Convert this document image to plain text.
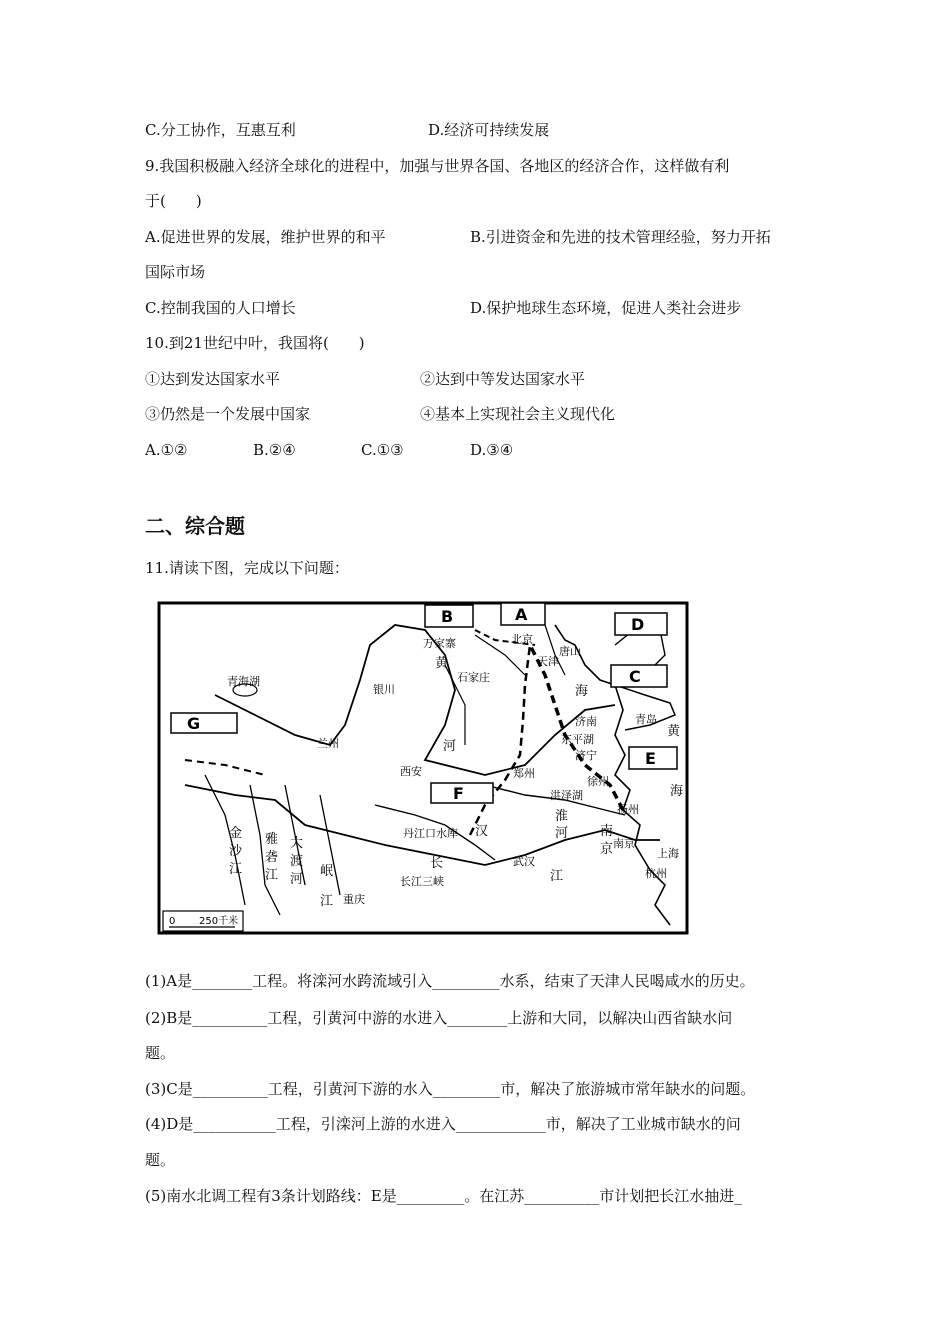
C.分工协作，互惠互利	D.经济可持续发展
9.我国积极融入经济全球化的进程中，加强与世界各国、各地区的经济合作，这样做有利
于(　　)
A.促进世界的发展，维护世界的和平	B.引进资金和先进的技术管理经验，努力开拓
国际市场
C.控制我国的人口增长	D.保护地球生态环境，促进人类社会进步
10.到21世纪中叶，我国将(　　)
①达到发达国家水平	②达到中等发达国家水平
③仍然是一个发展中国家	④基本上实现社会主义现代化
A.①②	B.②④	C.①③	D.③④
二、综合题
11.请读下图，完成以下问题：
B	A
D
C
E
F
G
万家寨	北京
天津
唐山
石家庄
银川
青海湖
兰州
西安	郑州
济南
东平湖
济宁
青岛
扬州
上海
杭州
南京
武汉
重庆
长江三峡
丹江口水库
徐州
洪泽湖
黄
河
海
黄
海
金
沙
江
雅
砻
江
大
渡
河
岷
江
汉
长
江
淮
河 南
京
0 250千米
(1)A是________工程。将滦河水跨流域引入_________水系，结束了天津人民喝咸水的历史。
(2)B是__________工程，引黄河中游的水进入________上游和大同，以解决山西省缺水问
题。
(3)C是__________工程，引黄河下游的水入_________市，解决了旅游城市常年缺水的问题。
(4)D是___________工程，引滦河上游的水进入____________市，解决了工业城市缺水的问
题。
(5)南水北调工程有3条计划路线：E是_________。在江苏__________市计划把长江水抽进_
